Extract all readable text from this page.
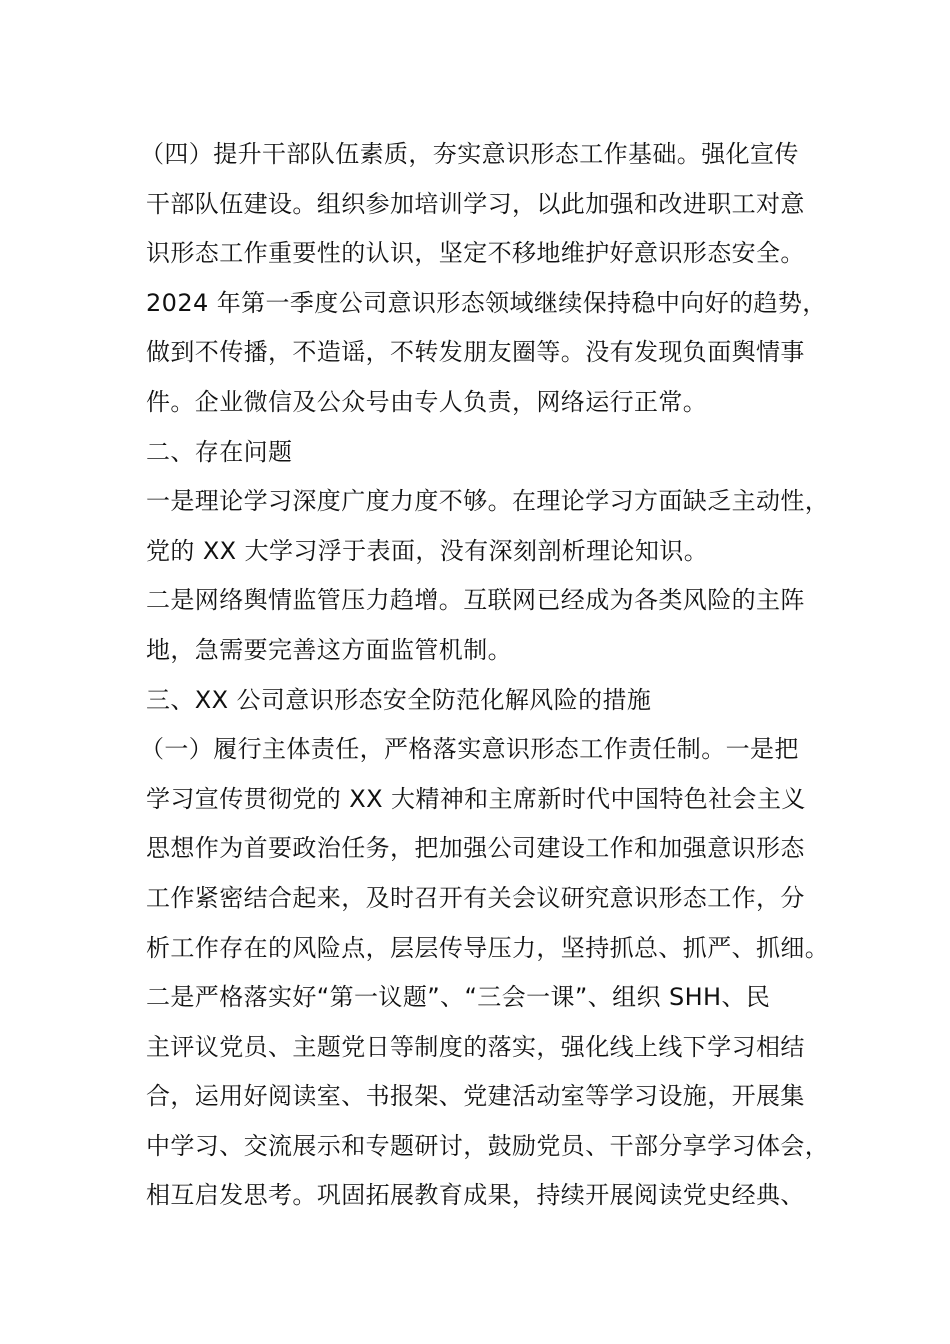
（四）提升干部队伍素质，夯实意识形态工作基础。强化宣传
干部队伍建设。组织参加培训学习，以此加强和改进职工对意
识形态工作重要性的认识，坚定不移地维护好意识形态安全。
2024 年第一季度公司意识形态领域继续保持稳中向好的趋势，
做到不传播，不造谣，不转发朋友圈等。没有发现负面舆情事
件。企业微信及公众号由专人负责，网络运行正常。
二、存在问题
一是理论学习深度广度力度不够。在理论学习方面缺乏主动性，
党的 XX 大学习浮于表面，没有深刻剖析理论知识。
二是网络舆情监管压力趋增。互联网已经成为各类风险的主阵
地，急需要完善这方面监管机制。
三、XX 公司意识形态安全防范化解风险的措施
（一）履行主体责任，严格落实意识形态工作责任制。一是把
学习宣传贯彻党的 XX 大精神和主席新时代中国特色社会主义
思想作为首要政治任务，把加强公司建设工作和加强意识形态
工作紧密结合起来，及时召开有关会议研究意识形态工作，分
析工作存在的风险点，层层传导压力，坚持抓总、抓严、抓细。
二是严格落实好“第一议题”、“三会一课”、组织 SHH、民
主评议党员、主题党日等制度的落实，强化线上线下学习相结
合，运用好阅读室、书报架、党建活动室等学习设施，开展集
中学习、交流展示和专题研讨，鼓励党员、干部分享学习体会，
相互启发思考。巩固拓展教育成果，持续开展阅读党史经典、
